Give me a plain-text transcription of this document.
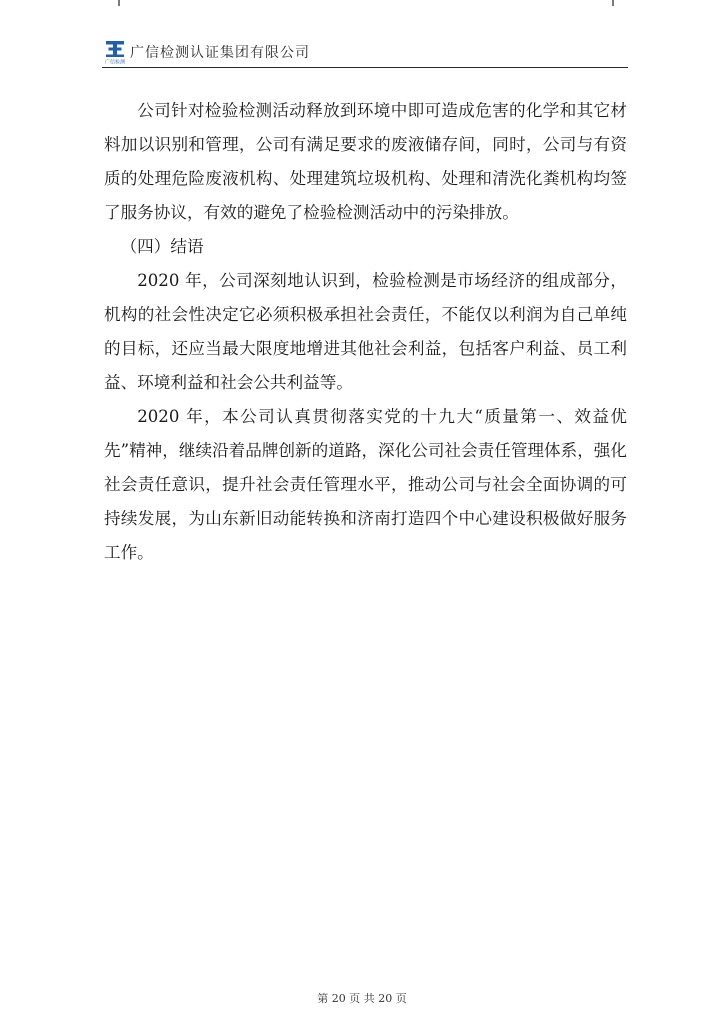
广信检测
广信检测认证集团有限公司

公司针对检验检测活动释放到环境中即可造成危害的化学和其它材料加以识别和管理，公司有满足要求的废液储存间，同时，公司与有资质的处理危险废液机构、处理建筑垃圾机构、处理和清洗化粪机构均签了服务协议，有效的避免了检验检测活动中的污染排放。

（四）结语

2020 年，公司深刻地认识到，检验检测是市场经济的组成部分，机构的社会性决定它必须积极承担社会责任，不能仅以利润为自己单纯的目标，还应当最大限度地增进其他社会利益，包括客户利益、员工利益、环境利益和社会公共利益等。

2020 年，本公司认真贯彻落实党的十九大“质量第一、效益优先”精神，继续沿着品牌创新的道路，深化公司社会责任管理体系，强化社会责任意识，提升社会责任管理水平，推动公司与社会全面协调的可持续发展，为山东新旧动能转换和济南打造四个中心建设积极做好服务工作。

第 20 页 共 20 页
